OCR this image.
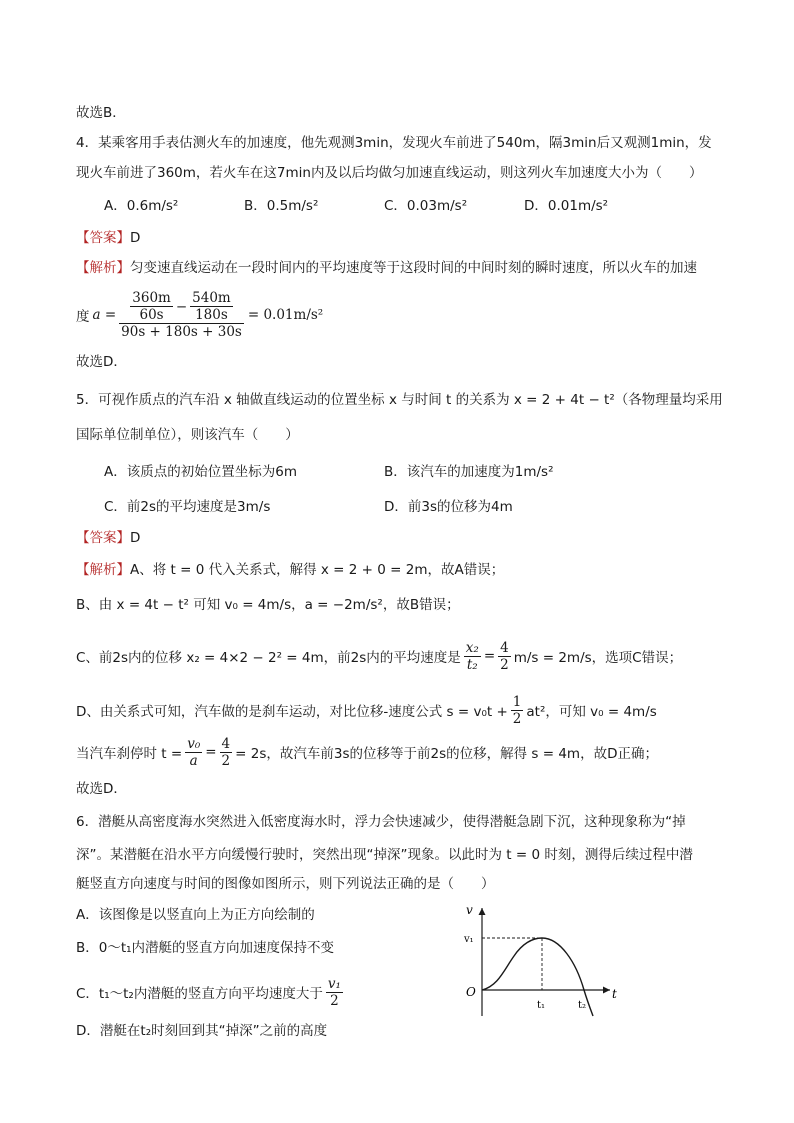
故选B．
4．某乘客用手表估测火车的加速度，他先观测3min，发现火车前进了540m，隔3min后又观测1min，发
现火车前进了360m，若火车在这7min内及以后均做匀加速直线运动，则这列火车加速度大小为（　　）
A．0.6m/s²	B．0.5m/s²	C．0.03m/s²	D．0.01m/s²
【答案】D
【解析】匀变速直线运动在一段时间内的平均速度等于这段时间的中间时刻的瞬时速度，所以火车的加速
度 $a = \frac{360m}{60s} - \frac{540m}{180s}$
90s + 180s + 30s
= 0.01m/s²
故选D．
5．可视作质点的汽车沿 x 轴做直线运动的位置坐标 x 与时间 t 的关系为 x = 2 + 4t − t²（各物理量均采用
国际单位制单位），则该汽车（　　）
A．该质点的初始位置坐标为6m	B．该汽车的加速度为1m/s²
C．前2s的平均速度是3m/s	D．前3s的位移为4m
【答案】D
【解析】A、将 t = 0 代入关系式，解得 x = 2 + 0 = 2m，故A错误；
B、由 x = 4t − t² 可知 v₀ = 4m/s，a = −2m/s²，故B错误；
C、前2s内的位移 x₂ = 4×2 − 2² = 4m，前2s内的平均速度是 $\frac{\text{x₂}}{\text{t₂}} = \frac{4}{2} m/s = 2m/s$，选项C错误；
D、由关系式可知，汽车做的是刹车运动，对比位移-速度公式 $s = v_0t + \frac{1}{2} at^2$，可知 v₀ = 4m/s
当汽车刹停时 $t = \frac{\text{v₀}}{a} = \frac{4}{2} = 2s$，故汽车前3s的位移等于前2s的位移，解得 s = 4m，故D正确；
故选D．
6．潜艇从高密度海水突然进入低密度海水时，浮力会快速减少，使得潜艇急剧下沉，这种现象称为“掉
深”。某潜艇在沿水平方向缓慢行驶时，突然出现“掉深”现象。以此时为 t = 0 时刻，测得后续过程中潜
艇竖直方向速度与时间的图像如图所示，则下列说法正确的是（　　）
A．该图像是以竖直向上为正方向绘制的
B．0～t₁内潜艇的竖直方向加速度保持不变
C．t₁～t₂内潜艇的竖直方向平均速度大于 $\frac{\text{v₁}}{2}$
D．潜艇在t₂时刻回到其“掉深”之前的高度
v
t
O
v₁
t₁	t₂
